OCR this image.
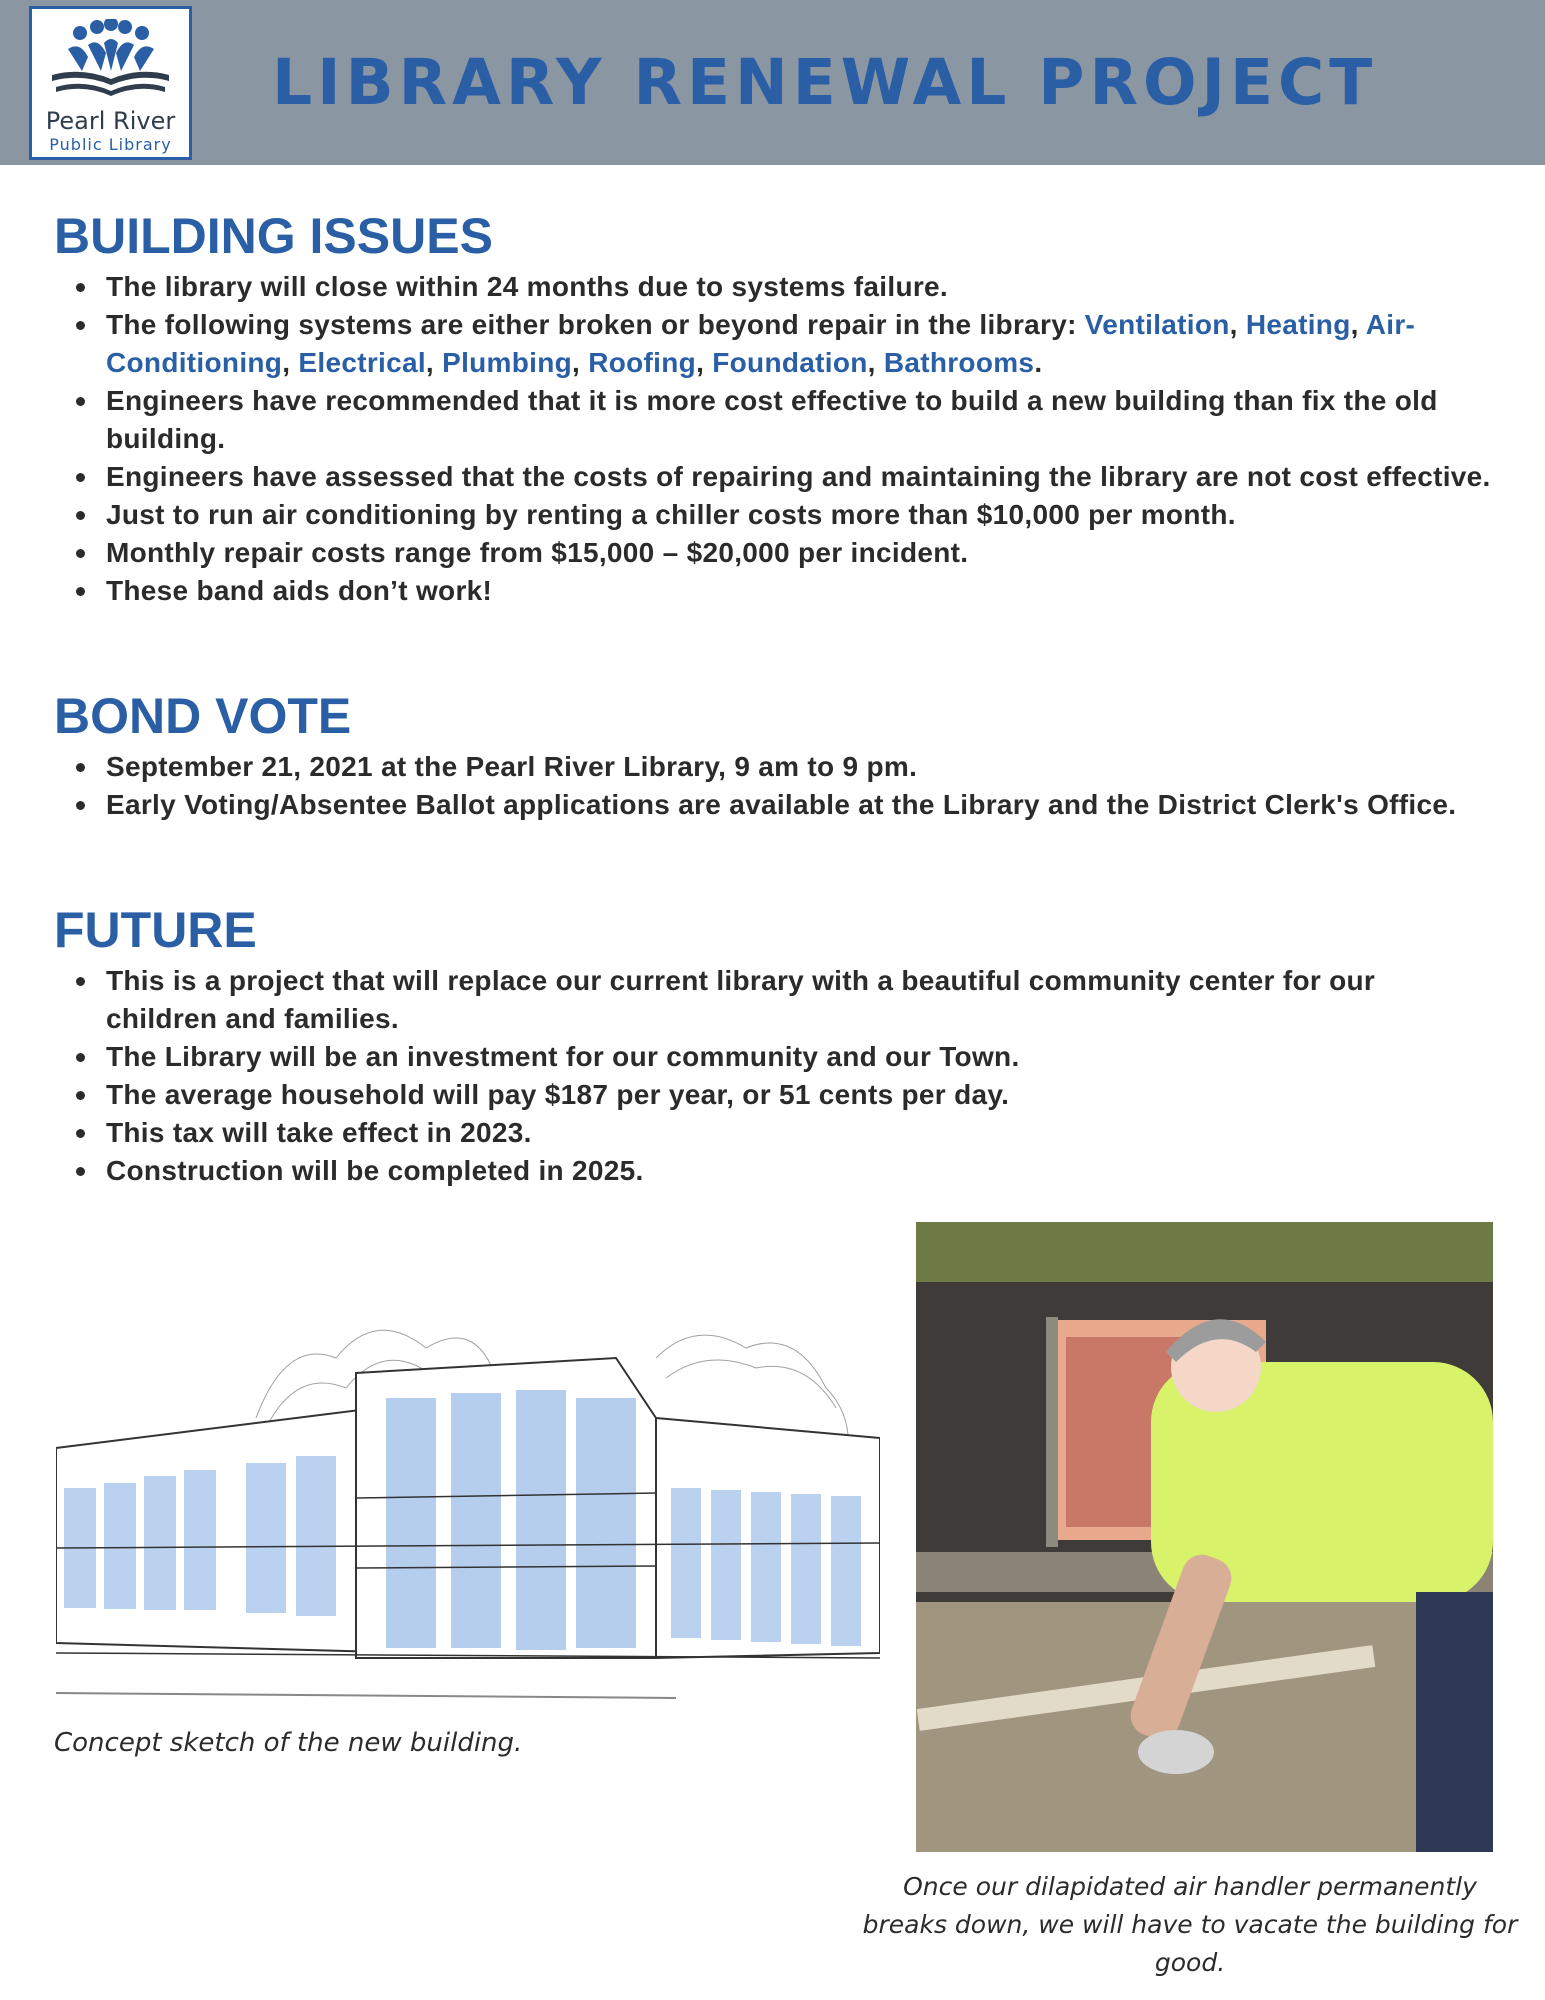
Pearl River
Public Library
LIBRARY RENEWAL PROJECT
BUILDING ISSUES
The library will close within 24 months due to systems failure.
The following systems are either broken or beyond repair in the library: Ventilation, Heating, Air-Conditioning, Electrical, Plumbing, Roofing, Foundation, Bathrooms.
Engineers have recommended that it is more cost effective to build a new building than fix the old building.
Engineers have assessed that the costs of repairing and maintaining the library are not cost effective.
Just to run air conditioning by renting a chiller costs more than $10,000 per month.
Monthly repair costs range from $15,000 – $20,000 per incident.
These band aids don’t work!
BOND VOTE
September 21, 2021 at the Pearl River Library, 9 am to 9 pm.
Early Voting/Absentee Ballot applications are available at the Library and the District Clerk's Office.
FUTURE
This is a project that will replace our current library with a beautiful community center for our children and families.
The Library will be an investment for our community and our Town.
The average household will pay $187 per year, or 51 cents per day.
This tax will take effect in 2023.
Construction will be completed in 2025.
Concept sketch of the new building.
Once our dilapidated air handler permanently breaks down, we will have to vacate the building for good.
